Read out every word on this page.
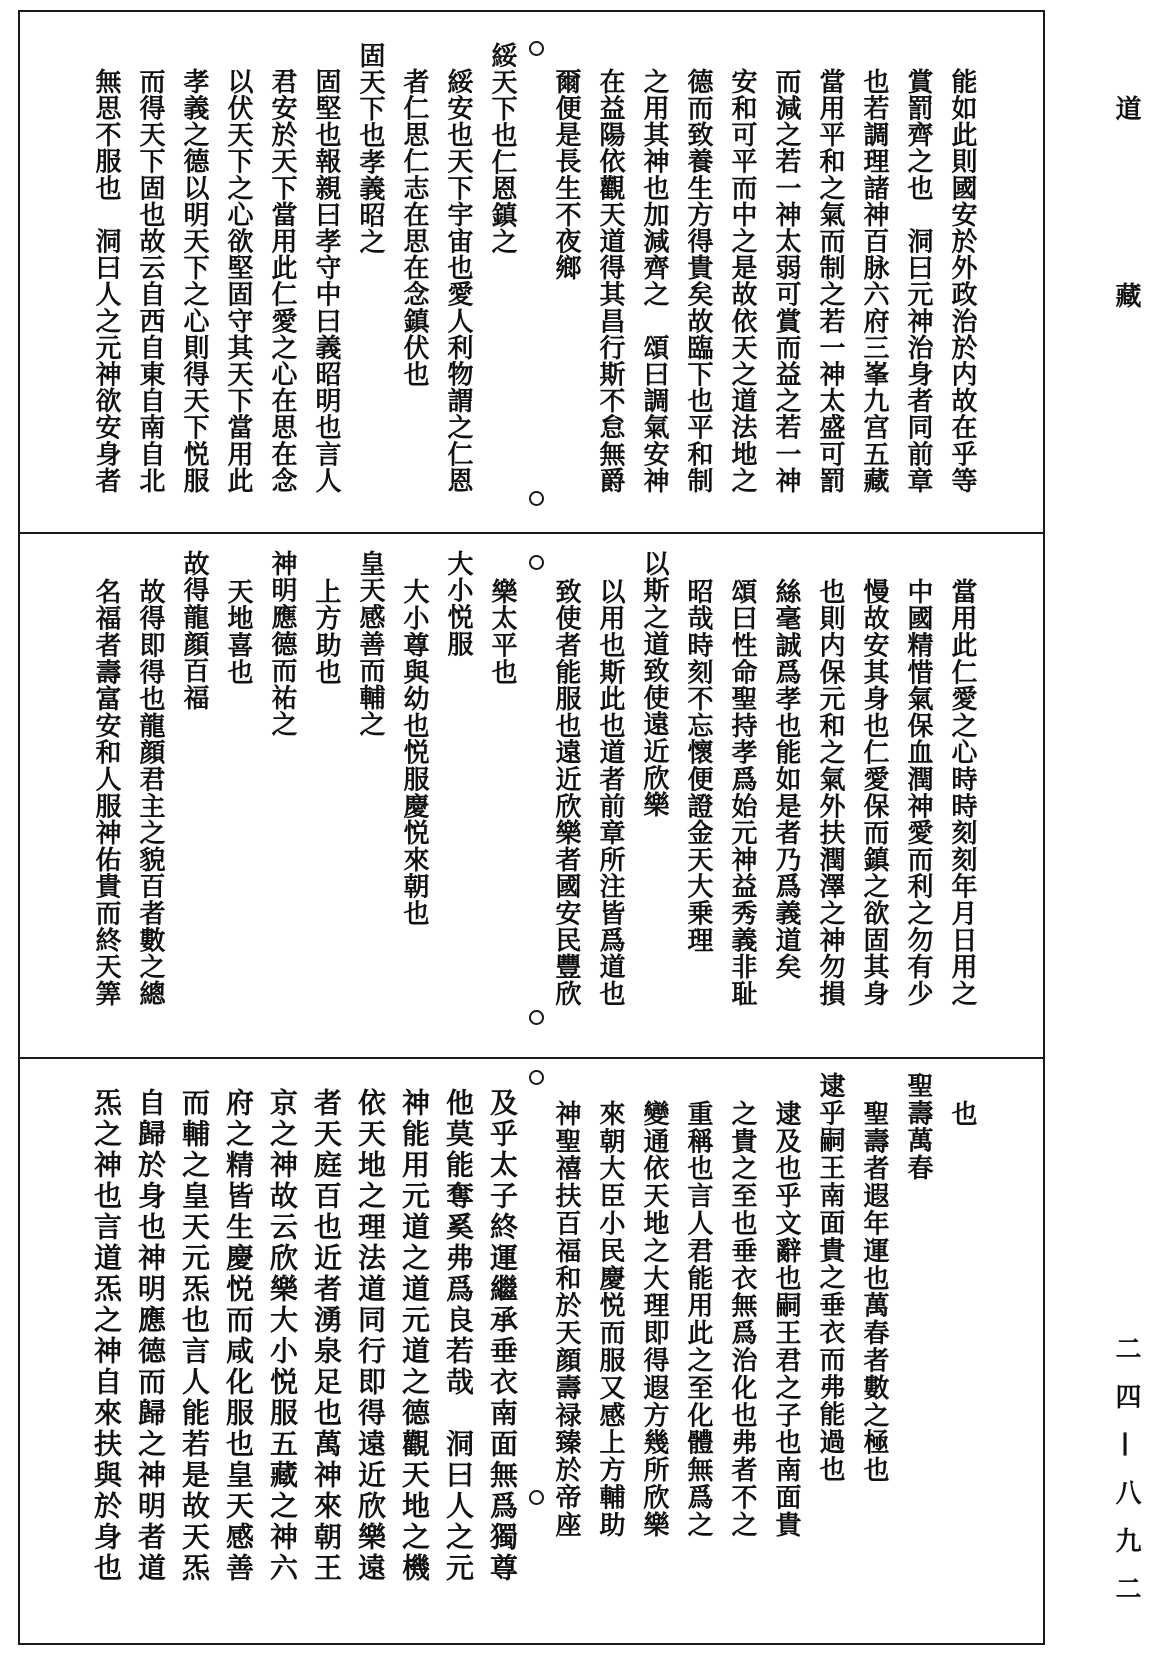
道
藏
二四—八九二
能如此則國安於外政治於内故在乎等
賞罰齊之也　洞曰元神治身者同前章
也若調理諸神百脉六府三峯九宫五藏
當用平和之氣而制之若一神太盛可罰
而減之若一神太弱可賞而益之若一神
安和可平而中之是故依天之道法地之
德而致養生方得貴矣故臨下也平和制
之用其神也加減齊之　頌曰調氣安神
在益陽依觀天道得其昌行斯不怠無爵
爾便是長生不夜鄉
綏天下也仁恩鎮之
綏安也天下宇宙也愛人利物謂之仁恩
者仁思仁志在思在念鎮伏也
固天下也孝義昭之
固堅也報親曰孝守中曰義昭明也言人
君安於天下當用此仁愛之心在思在念
以伏天下之心欲堅固守其天下當用此
孝義之德以明天下之心則得天下悦服
而得天下固也故云自西自東自南自北
無思不服也　洞曰人之元神欲安身者
當用此仁愛之心時時刻刻年月日用之
中國精惜氣保血潤神愛而利之勿有少
慢故安其身也仁愛保而鎮之欲固其身
也則内保元和之氣外扶潤澤之神勿損
絲毫誠爲孝也能如是者乃爲義道矣
頌曰性命聖持孝爲始元神益秀義非耻
昭哉時刻不忘懷便證金天大乗理
以斯之道致使遠近欣樂
以用也斯此也道者前章所注皆爲道也
致使者能服也遠近欣樂者國安民豐欣
樂太平也
大小悦服
大小尊與幼也悦服慶悦來朝也
皇天感善而輔之
上方助也
神明應德而祐之
天地喜也
故得龍顔百福
故得即得也龍顔君主之貌百者數之總
名福者壽富安和人服神佑貴而終天筭
也
聖壽萬春
聖壽者遐年運也萬春者數之極也
逮乎嗣王南面貴之垂衣而弗能過也
逮及也乎文辭也嗣王君之子也南面貴
之貴之至也垂衣無爲治化也弗者不之
重稱也言人君能用此之至化體無爲之
變通依天地之大理即得遐方幾所欣樂
來朝大臣小民慶悦而服又感上方輔助
神聖禧扶百福和於天顔壽禄臻於帝座
及乎太子終運繼承垂衣南面無爲獨尊
他莫能奪奚弗爲良若哉　洞曰人之元
神能用元道之道元道之德觀天地之機
依天地之理法道同行即得遠近欣樂遠
者天庭百也近者湧泉足也萬神來朝王
京之神故云欣樂大小悦服五藏之神六
府之精皆生慶悦而咸化服也皇天感善
而輔之皇天元炁也言人能若是故天炁
自歸於身也神明應德而歸之神明者道
炁之神也言道炁之神自來扶與於身也
